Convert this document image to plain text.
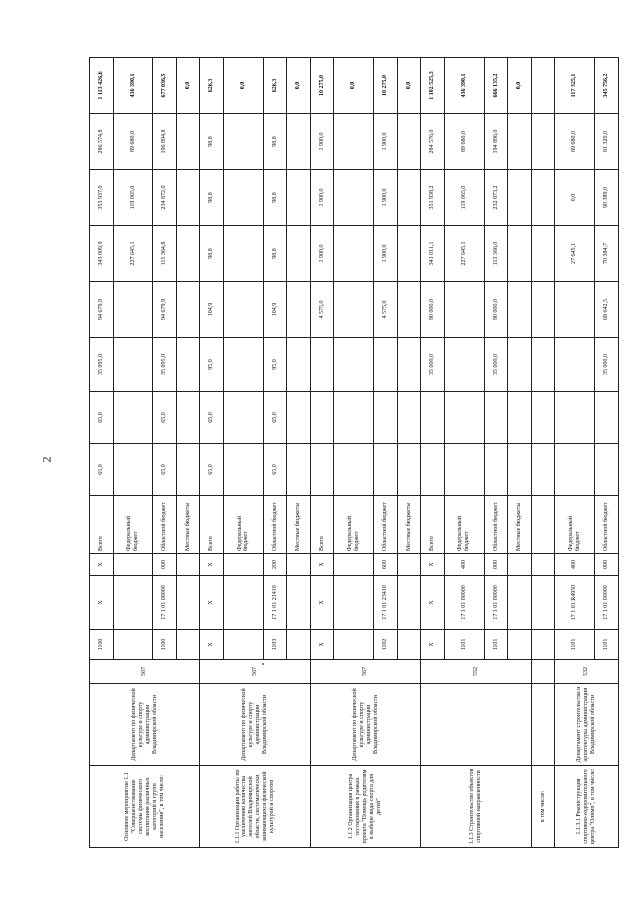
2
Основное мероприятие 1.1 "Совершенствование системы физического воспитания различных категорий и групп населения", в том числе:	Департамент по физической культуре и спорту администрации Владимирской области	567	1100	X	X	Всего	65,0	65,0	35 095,0	94 679,9	343 009,9	353 937,0	286 574,8	1 113 426,6
						Федеральный бюджет					227 645,1	119 065,0	89 680,0	436 390,1
			1100	17 1 01 00000	000	Областной бюджет	65,0	65,0	35 095,0	94 679,9	115 364,8	234 872,0	196 894,8	677 036,5
						Местные бюджеты								0,0
1.1.1 Организация работы по увеличению количества жителей Владимирской области, систематически занимающихся физической культурой и спортом	Департамент по физической культуре и спорту администрации Владимирской области	567	X	X	X	Всего	65,0	65,0	95,0	104,9	98,8	98,8	98,8	626,3
						Федеральный бюджет								0,0
			1103	17 1 01 21410	200	Областной бюджет	65,0	65,0	95,0	104,9	98,8	98,8	98,8	626,3
						Местные бюджеты								0,0
1.1.2 Организация центра тестирования в рамках проекта "Помощь родителям в выборе вида спорта для детей"	Департамент по физической культуре и спорту администрации Владимирской области	567	X	X	X	Всего				4 575,0	1 900,0	1 900,0	1 900,0	10 275,0
						Федеральный бюджет								0,0
			1102	17 1 01 23410	600	Областной бюджет				4 575,0	1 900,0	1 900,0	1 900,0	10 275,0
						Местные бюджеты								0,0
1.1.3 Строительство объектов спортивной направленности		552	X	X	X	Всего			35 000,0	90 000,0	341 011,1	351 938,2	284 576,0	1 102 525,3
			1101	17 1 01 00000	400	Федеральный бюджет					227 645,1	119 065,0	89 680,0	436 390,1
			1101	17 1 01 00000	000	Областной бюджет			35 000,0	90 000,0	113 366,0	232 873,2	194 896,0	666 135,2
						Местные бюджеты								0,0
в том числе:														
1.1.3.1 Реконструкция спортивно-оздоровительного центра "Олимп", в том числе:	Департамент строительства и архитектуры администрации Владимирской области	532	1101	17 1 01 R4950	400	Федеральный бюджет					27 645,1	0,0	89 680,0	117 325,1
			1101	17 1 01 00000	000	Областной бюджет			35 000,0	68 642,5	70 384,7	90 389,0	81 320,0	345 756,2
